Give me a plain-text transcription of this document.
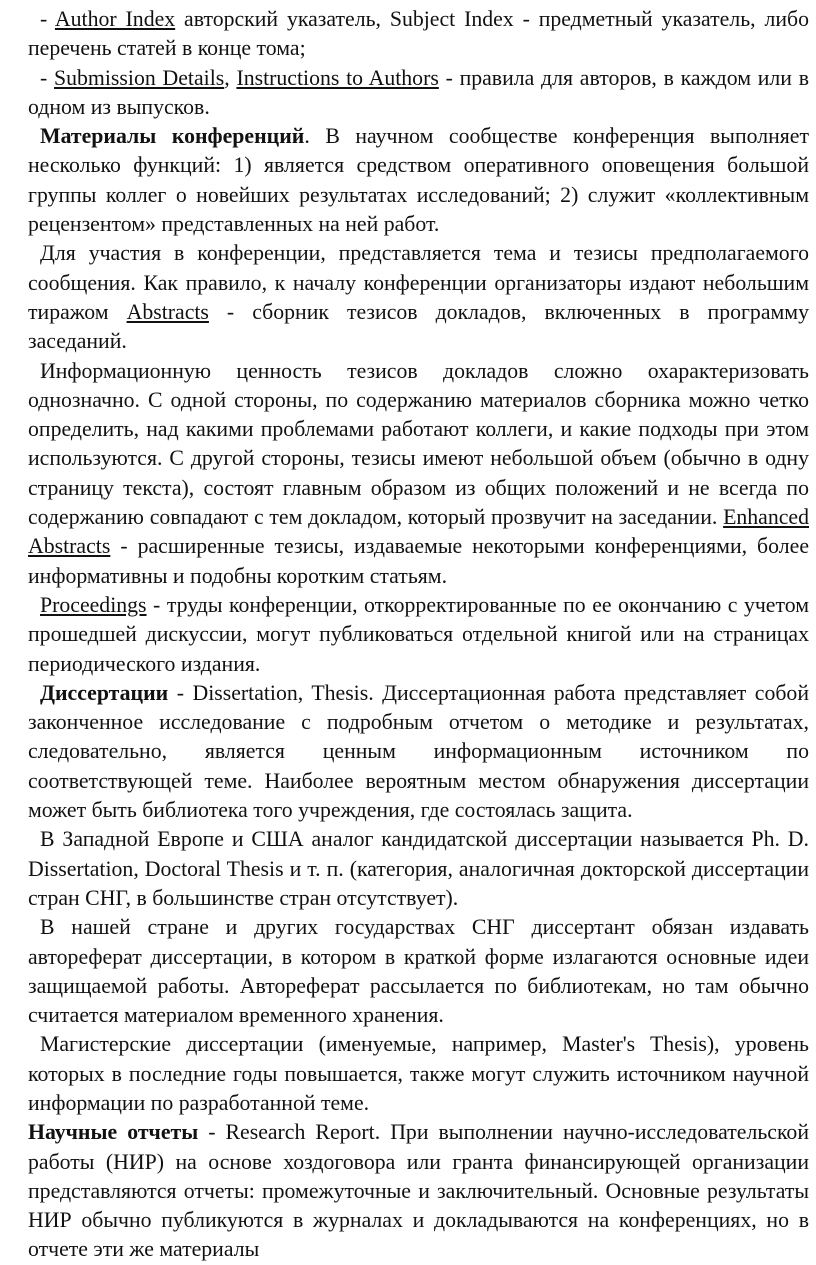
- Author Index авторский указатель, Subject Index - предметный указатель, либо перечень статей в конце тома;

- Submission Details, Instructions to Authors - правила для авторов, в каждом или в одном из выпусков.

Материалы конференций. В научном сообществе конференция выполняет несколько функций: 1) является средством оперативного оповещения большой группы коллег о новейших результатах исследований; 2) служит «коллективным рецензентом» представленных на ней работ.

Для участия в конференции, представляется тема и тезисы предполагаемого сообщения. Как правило, к началу конференции организаторы издают небольшим тиражом Abstracts - сборник тезисов докладов, включенных в программу заседаний.

Информационную ценность тезисов докладов сложно охарактеризовать однозначно. С одной стороны, по содержанию материалов сборника можно четко определить, над какими проблемами работают коллеги, и какие подходы при этом используются. С другой стороны, тезисы имеют небольшой объем (обычно в одну страницу текста), состоят главным образом из общих положений и не всегда по содержанию совпадают с тем докладом, который прозвучит на заседании. Enhanced Abstracts - расширенные тезисы, издаваемые некоторыми конференциями, более информативны и подобны коротким статьям.

Proceedings - труды конференции, откорректированные по ее окончанию с учетом прошедшей дискуссии, могут публиковаться отдельной книгой или на страницах периодического издания.

Диссертации - Dissertation, Thesis. Диссертационная работа представляет собой законченное исследование с подробным отчетом о методике и результатах, следовательно, является ценным информационным источником по соответствующей теме. Наиболее вероятным местом обнаружения диссертации может быть библиотека того учреждения, где состоялась защита.

В Западной Европе и США аналог кандидатской диссертации называется Ph. D. Dissertation, Doctoral Thesis и т. п. (категория, аналогичная докторской диссертации стран СНГ, в большинстве стран отсутствует).

В нашей стране и других государствах СНГ диссертант обязан издавать автореферат диссертации, в котором в краткой форме излагаются основные идеи защищаемой работы. Автореферат рассылается по библиотекам, но там обычно считается материалом временного хранения.

Магистерские диссертации (именуемые, например, Master's Thesis), уровень которых в последние годы повышается, также могут служить источником научной информации по разработанной теме.

Научные отчеты - Research Report. При выполнении научно-исследовательской работы (НИР) на основе хоздоговора или гранта финансирующей организации представляются отчеты: промежуточные и заключительный. Основные результаты НИР обычно публикуются в журналах и докладываются на конференциях, но в отчете эти же материалы
